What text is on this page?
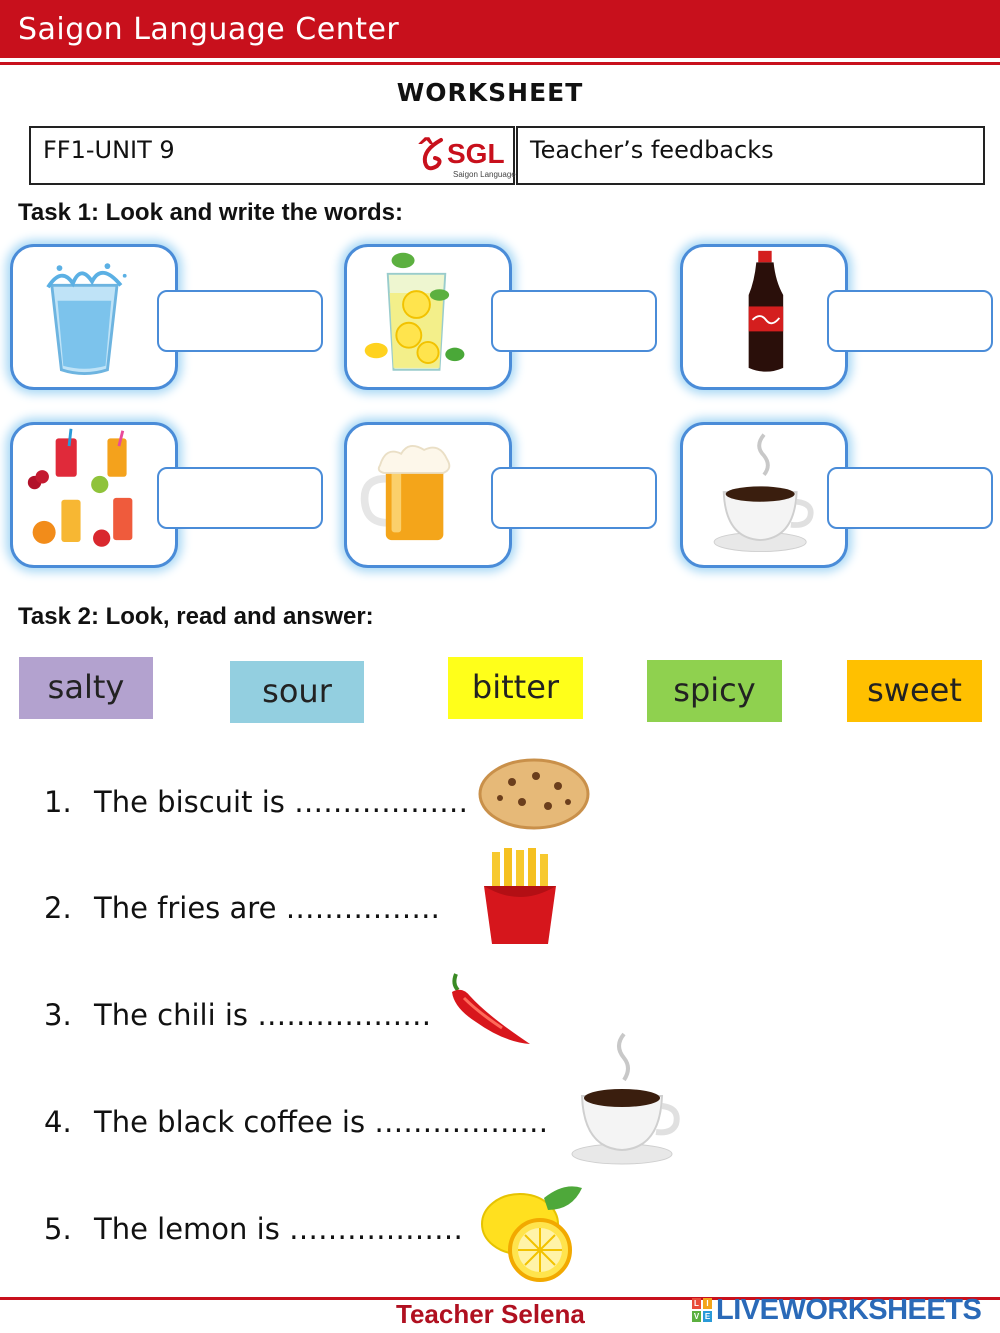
Saigon Language Center
WORKSHEET
FF1-UNIT 9	ˆ SGL
Saigon Language
Teacher’s feedbacks
Task 1: Look and write the words:
Task 2: Look, read and answer:
salty	sour	bitter	spicy	sweet
1. The biscuit is ………………
2. The fries are …………….
3. The chili is ………………
4. The black coffee is ………………
5. The lemon is ………………
Teacher Selena	L I
V E LIVEWORKSHEETS
